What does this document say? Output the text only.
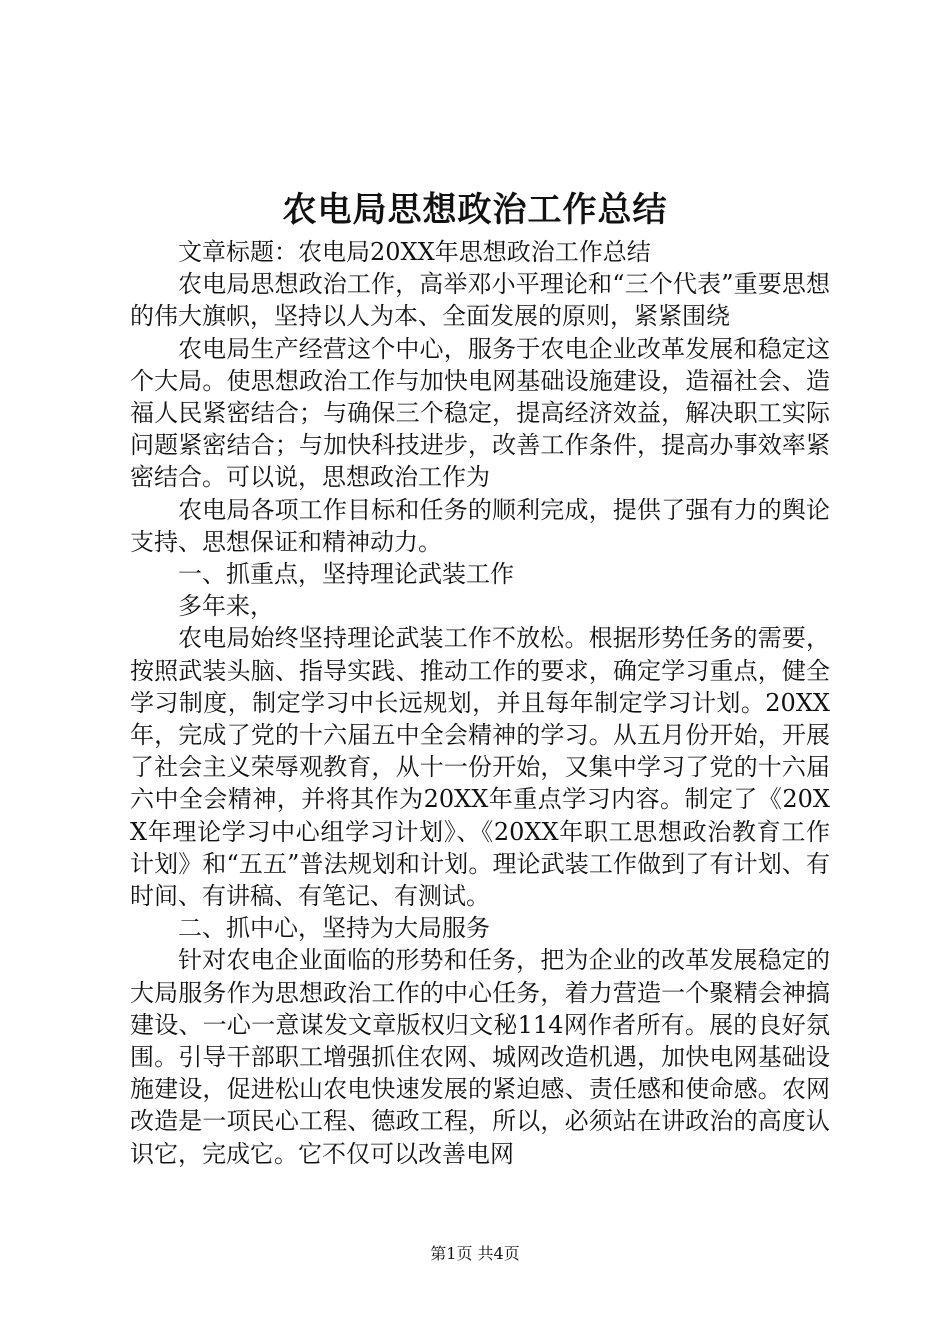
农电局思想政治工作总结

文章标题：农电局20XX年思想政治工作总结

农电局思想政治工作，高举邓小平理论和“三个代表”重要思想的伟大旗帜，坚持以人为本、全面发展的原则，紧紧围绕

农电局生产经营这个中心，服务于农电企业改革发展和稳定这个大局。使思想政治工作与加快电网基础设施建设，造福社会、造福人民紧密结合；与确保三个稳定，提高经济效益，解决职工实际问题紧密结合；与加快科技进步，改善工作条件，提高办事效率紧密结合。可以说，思想政治工作为

农电局各项工作目标和任务的顺利完成，提供了强有力的舆论支持、思想保证和精神动力。

一、抓重点，坚持理论武装工作

多年来，

农电局始终坚持理论武装工作不放松。根据形势任务的需要，按照武装头脑、指导实践、推动工作的要求，确定学习重点，健全学习制度，制定学习中长远规划，并且每年制定学习计划。20XX年，完成了党的十六届五中全会精神的学习。从五月份开始，开展了社会主义荣辱观教育，从十一份开始，又集中学习了党的十六届六中全会精神，并将其作为20XX年重点学习内容。制定了《20XX年理论学习中心组学习计划》、《20XX年职工思想政治教育工作计划》和“五五”普法规划和计划。理论武装工作做到了有计划、有时间、有讲稿、有笔记、有测试。

二、抓中心，坚持为大局服务

针对农电企业面临的形势和任务，把为企业的改革发展稳定的大局服务作为思想政治工作的中心任务，着力营造一个聚精会神搞建设、一心一意谋发文章版权归文秘114网作者所有。展的良好氛围。引导干部职工增强抓住农网、城网改造机遇，加快电网基础设施建设，促进松山农电快速发展的紧迫感、责任感和使命感。农网改造是一项民心工程、德政工程，所以，必须站在讲政治的高度认识它，完成它。它不仅可以改善电网

第1页 共4页
